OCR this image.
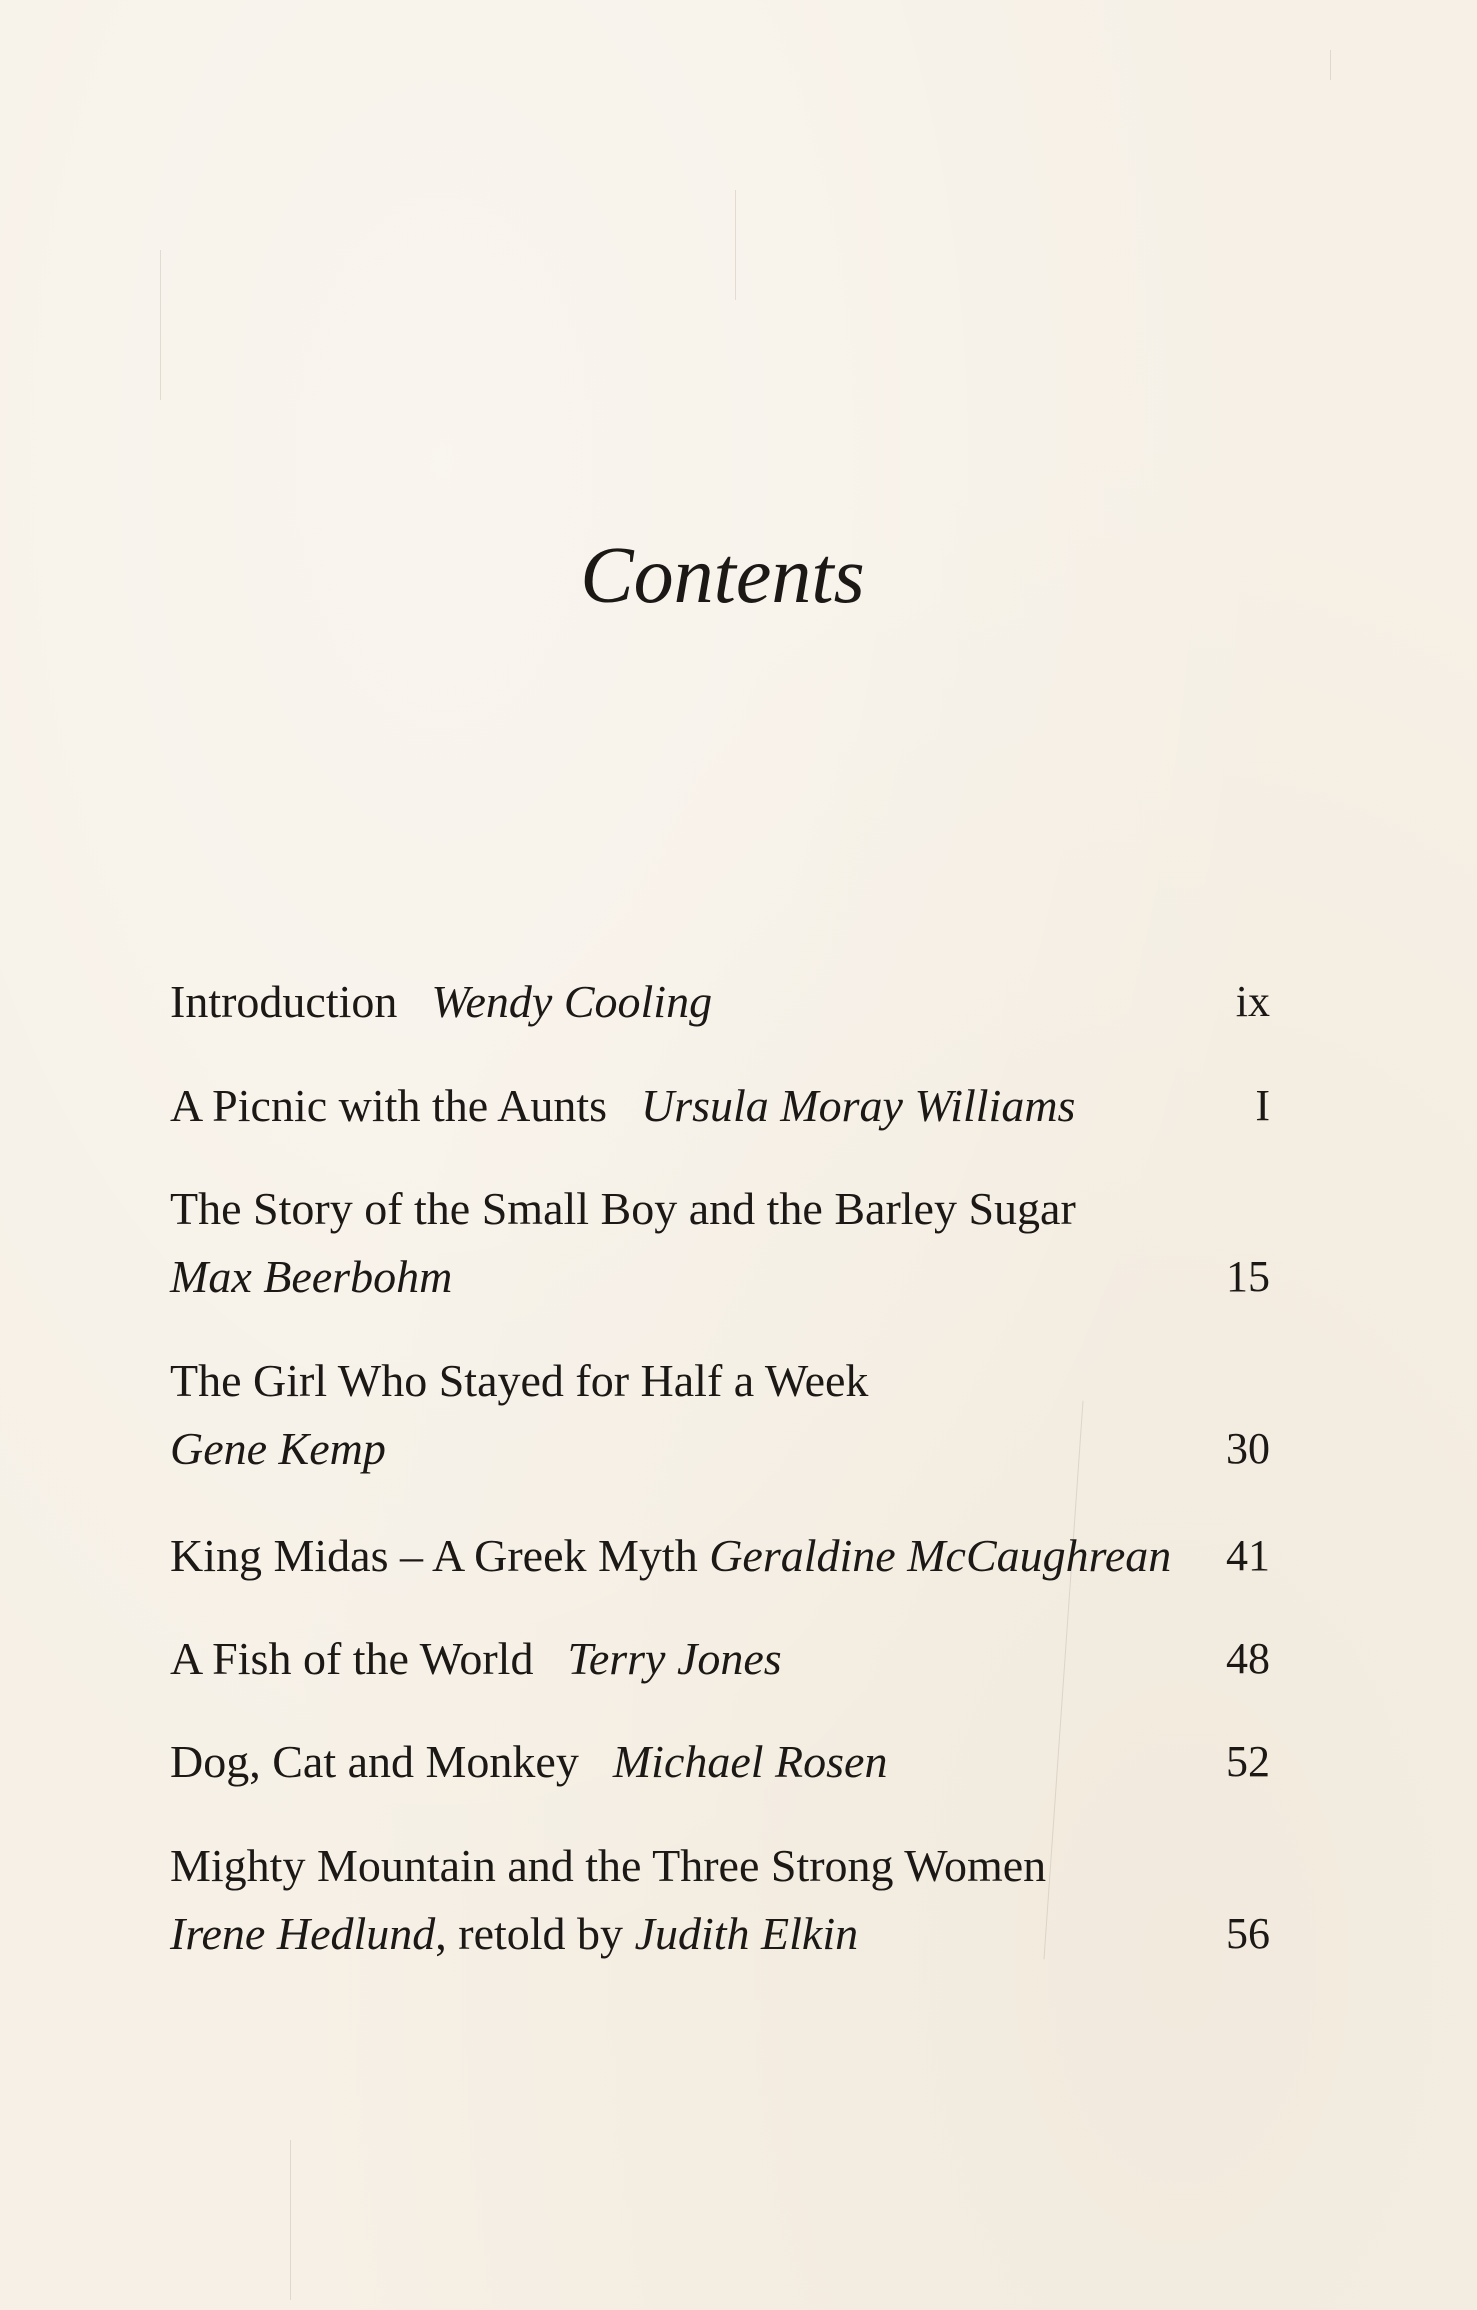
Contents
Introduction Wendy Cooling	ix
A Picnic with the Aunts Ursula Moray Williams	I
The Story of the Small Boy and the Barley Sugar
Max Beerbohm	15
The Girl Who Stayed for Half a Week
Gene Kemp	30
King Midas – A Greek Myth Geraldine McCaughrean	41
A Fish of the World Terry Jones	48
Dog, Cat and Monkey Michael Rosen	52
Mighty Mountain and the Three Strong Women
Irene Hedlund, retold by Judith Elkin	56
